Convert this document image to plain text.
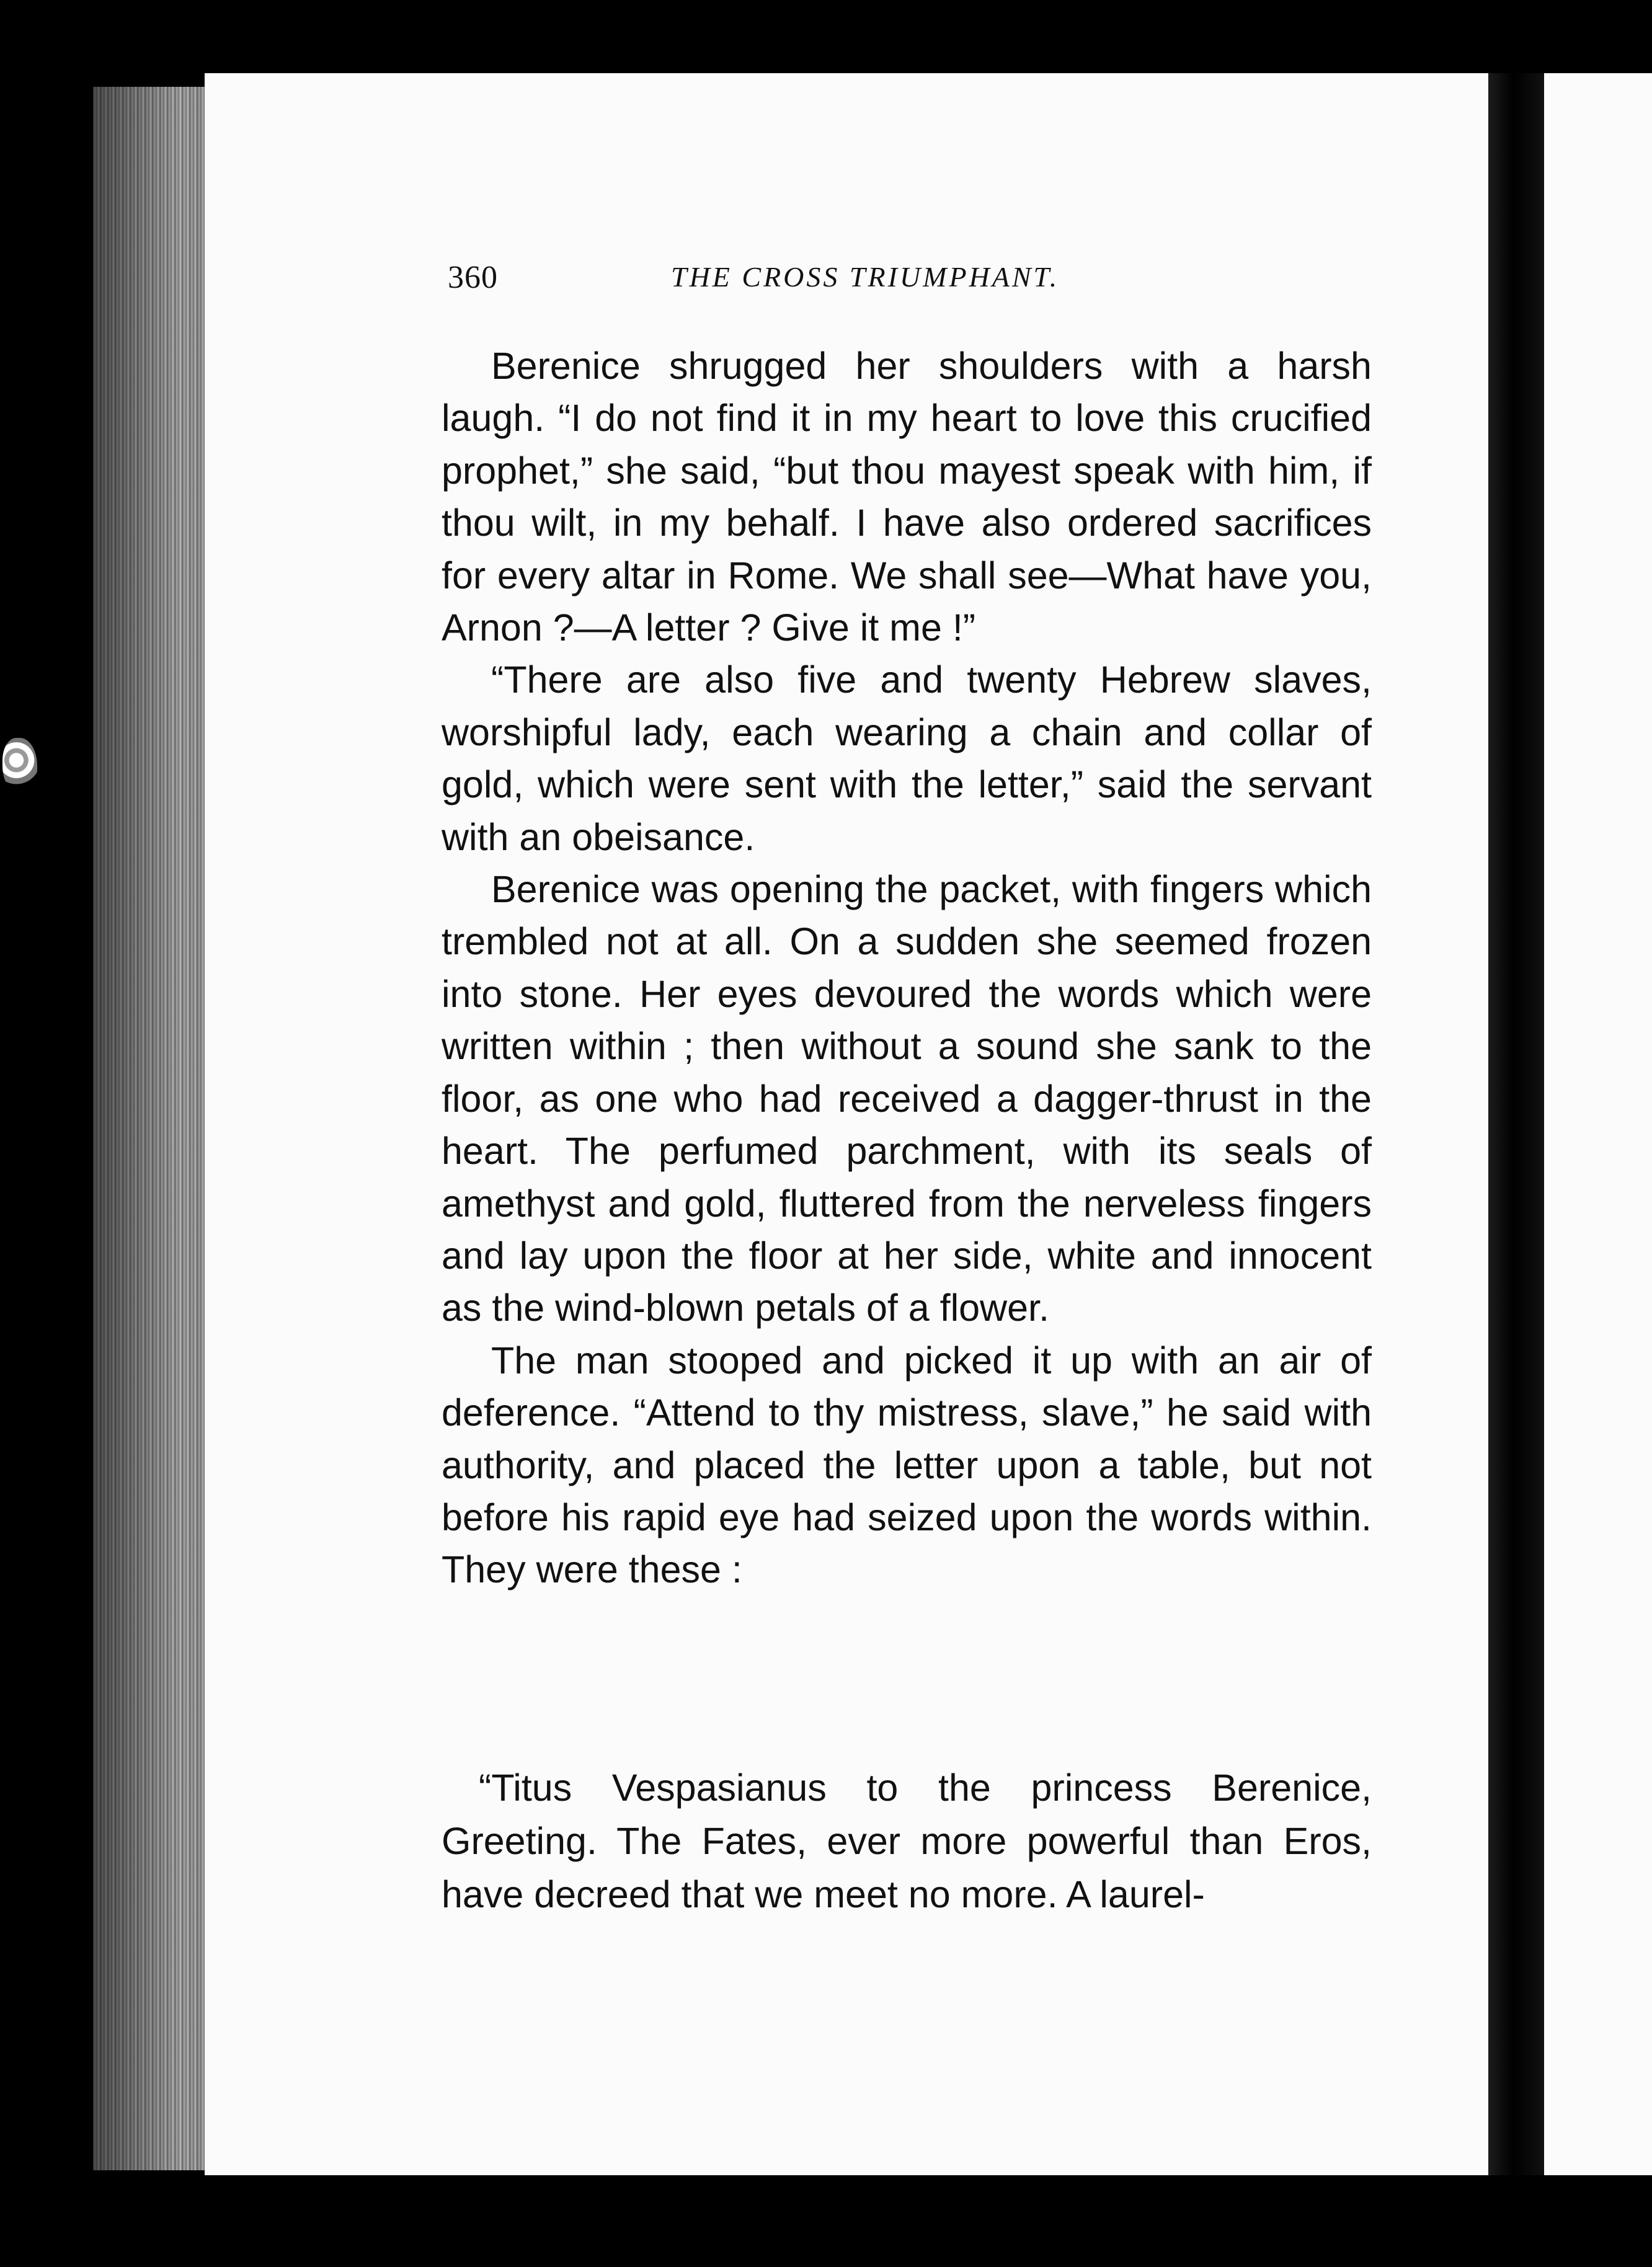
360	THE CROSS TRIUMPHANT.

Berenice shrugged her shoulders with a harsh laugh. “I do not find it in my heart to love this crucified prophet,” she said, “but thou mayest speak with him, if thou wilt, in my behalf. I have also ordered sacrifices for every altar in Rome. We shall see—What have you, Arnon ?—A letter ? Give it me !”

“There are also five and twenty Hebrew slaves, worshipful lady, each wearing a chain and collar of gold, which were sent with the letter,” said the servant with an obeisance.

Berenice was opening the packet, with fingers which trembled not at all. On a sudden she seemed frozen into stone. Her eyes devoured the words which were written within ; then without a sound she sank to the floor, as one who had received a dagger-thrust in the heart. The perfumed parchment, with its seals of amethyst and gold, fluttered from the nerveless fingers and lay upon the floor at her side, white and innocent as the wind-blown petals of a flower.

The man stooped and picked it up with an air of deference. “Attend to thy mistress, slave,” he said with authority, and placed the letter upon a table, but not before his rapid eye had seized upon the words within. They were these :

“Titus Vespasianus to the princess Berenice, Greeting. The Fates, ever more powerful than Eros, have decreed that we meet no more. A laurel-
